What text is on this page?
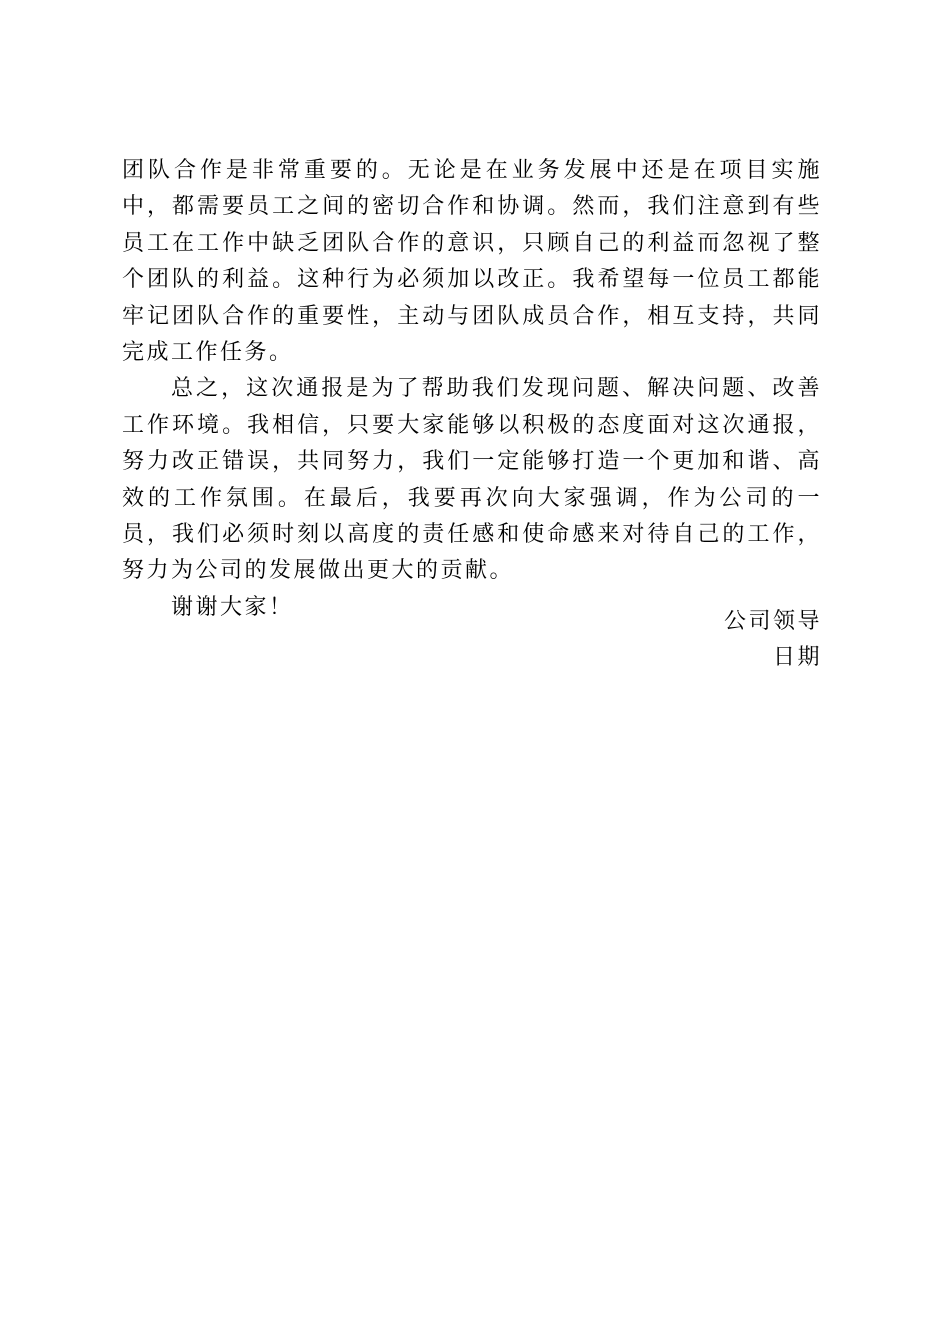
团队合作是非常重要的。无论是在业务发展中还是在项目实施中，都需要员工之间的密切合作和协调。然而，我们注意到有些员工在工作中缺乏团队合作的意识，只顾自己的利益而忽视了整个团队的利益。这种行为必须加以改正。我希望每一位员工都能牢记团队合作的重要性，主动与团队成员合作，相互支持，共同完成工作任务。

总之，这次通报是为了帮助我们发现问题、解决问题、改善工作环境。我相信，只要大家能够以积极的态度面对这次通报，努力改正错误，共同努力，我们一定能够打造一个更加和谐、高效的工作氛围。在最后，我要再次向大家强调，作为公司的一员，我们必须时刻以高度的责任感和使命感来对待自己的工作，努力为公司的发展做出更大的贡献。

谢谢大家！

公司领导
日期
